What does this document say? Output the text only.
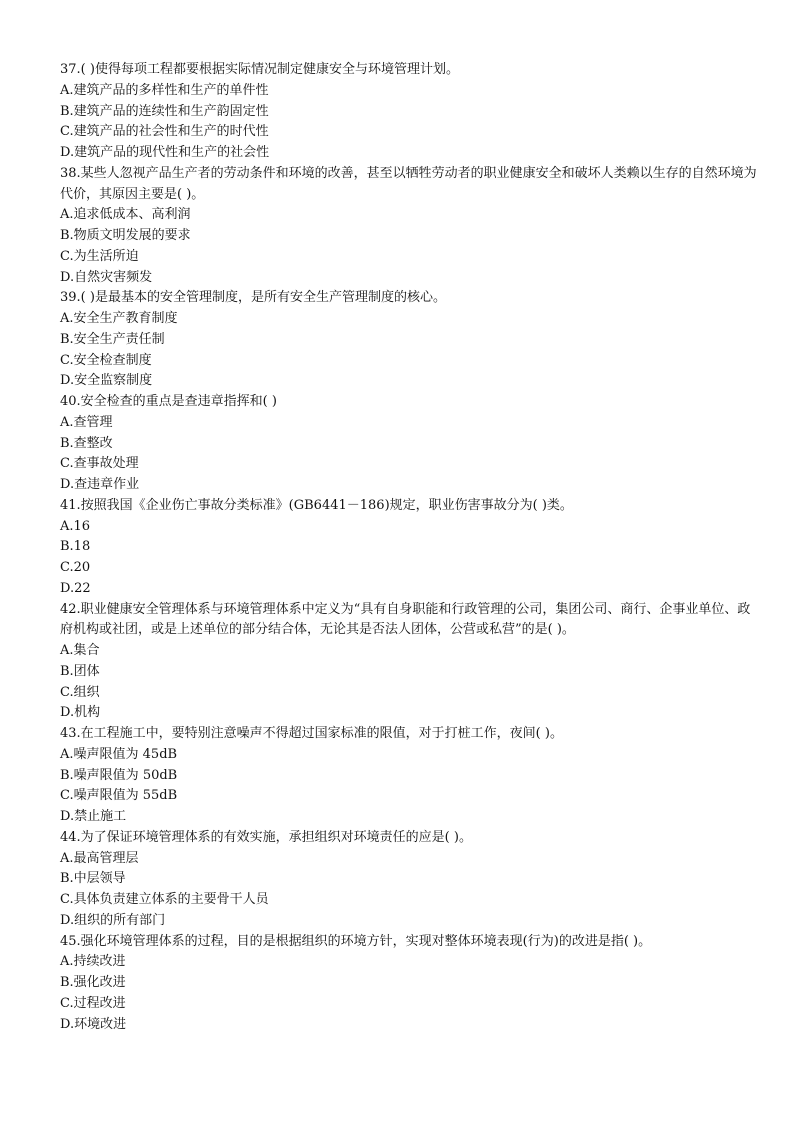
37.( )使得每项工程都要根据实际情况制定健康安全与环境管理计划。
A.建筑产品的多样性和生产的单件性
B.建筑产品的连续性和生产韵固定性
C.建筑产品的社会性和生产的时代性
D.建筑产品的现代性和生产的社会性
38.某些人忽视产品生产者的劳动条件和环境的改善，甚至以牺牲劳动者的职业健康安全和破坏人类赖以生存的自然环境为代价，其原因主要是( )。
A.追求低成本、高利润
B.物质文明发展的要求
C.为生活所迫
D.自然灾害频发
39.( )是最基本的安全管理制度，是所有安全生产管理制度的核心。
A.安全生产教育制度
B.安全生产责任制
C.安全检查制度
D.安全监察制度
40.安全检查的重点是查违章指挥和( )
A.查管理
B.查整改
C.查事故处理
D.查违章作业
41.按照我国《企业伤亡事故分类标准》(GB6441－186)规定，职业伤害事故分为( )类。
A.16
B.18
C.20
D.22
42.职业健康安全管理体系与环境管理体系中定义为“具有自身职能和行政管理的公司，集团公司、商行、企事业单位、政府机构或社团，或是上述单位的部分结合体，无论其是否法人团体，公营或私营”的是( )。
A.集合
B.团体
C.组织
D.机构
43.在工程施工中，要特别注意噪声不得超过国家标准的限值，对于打桩工作，夜间( )。
A.噪声限值为 45dB
B.噪声限值为 50dB
C.噪声限值为 55dB
D.禁止施工
44.为了保证环境管理体系的有效实施，承担组织对环境责任的应是( )。
A.最高管理层
B.中层领导
C.具体负责建立体系的主要骨干人员
D.组织的所有部门
45.强化环境管理体系的过程，目的是根据组织的环境方针，实现对整体环境表现(行为)的改进是指( )。
A.持续改进
B.强化改进
C.过程改进
D.环境改进
